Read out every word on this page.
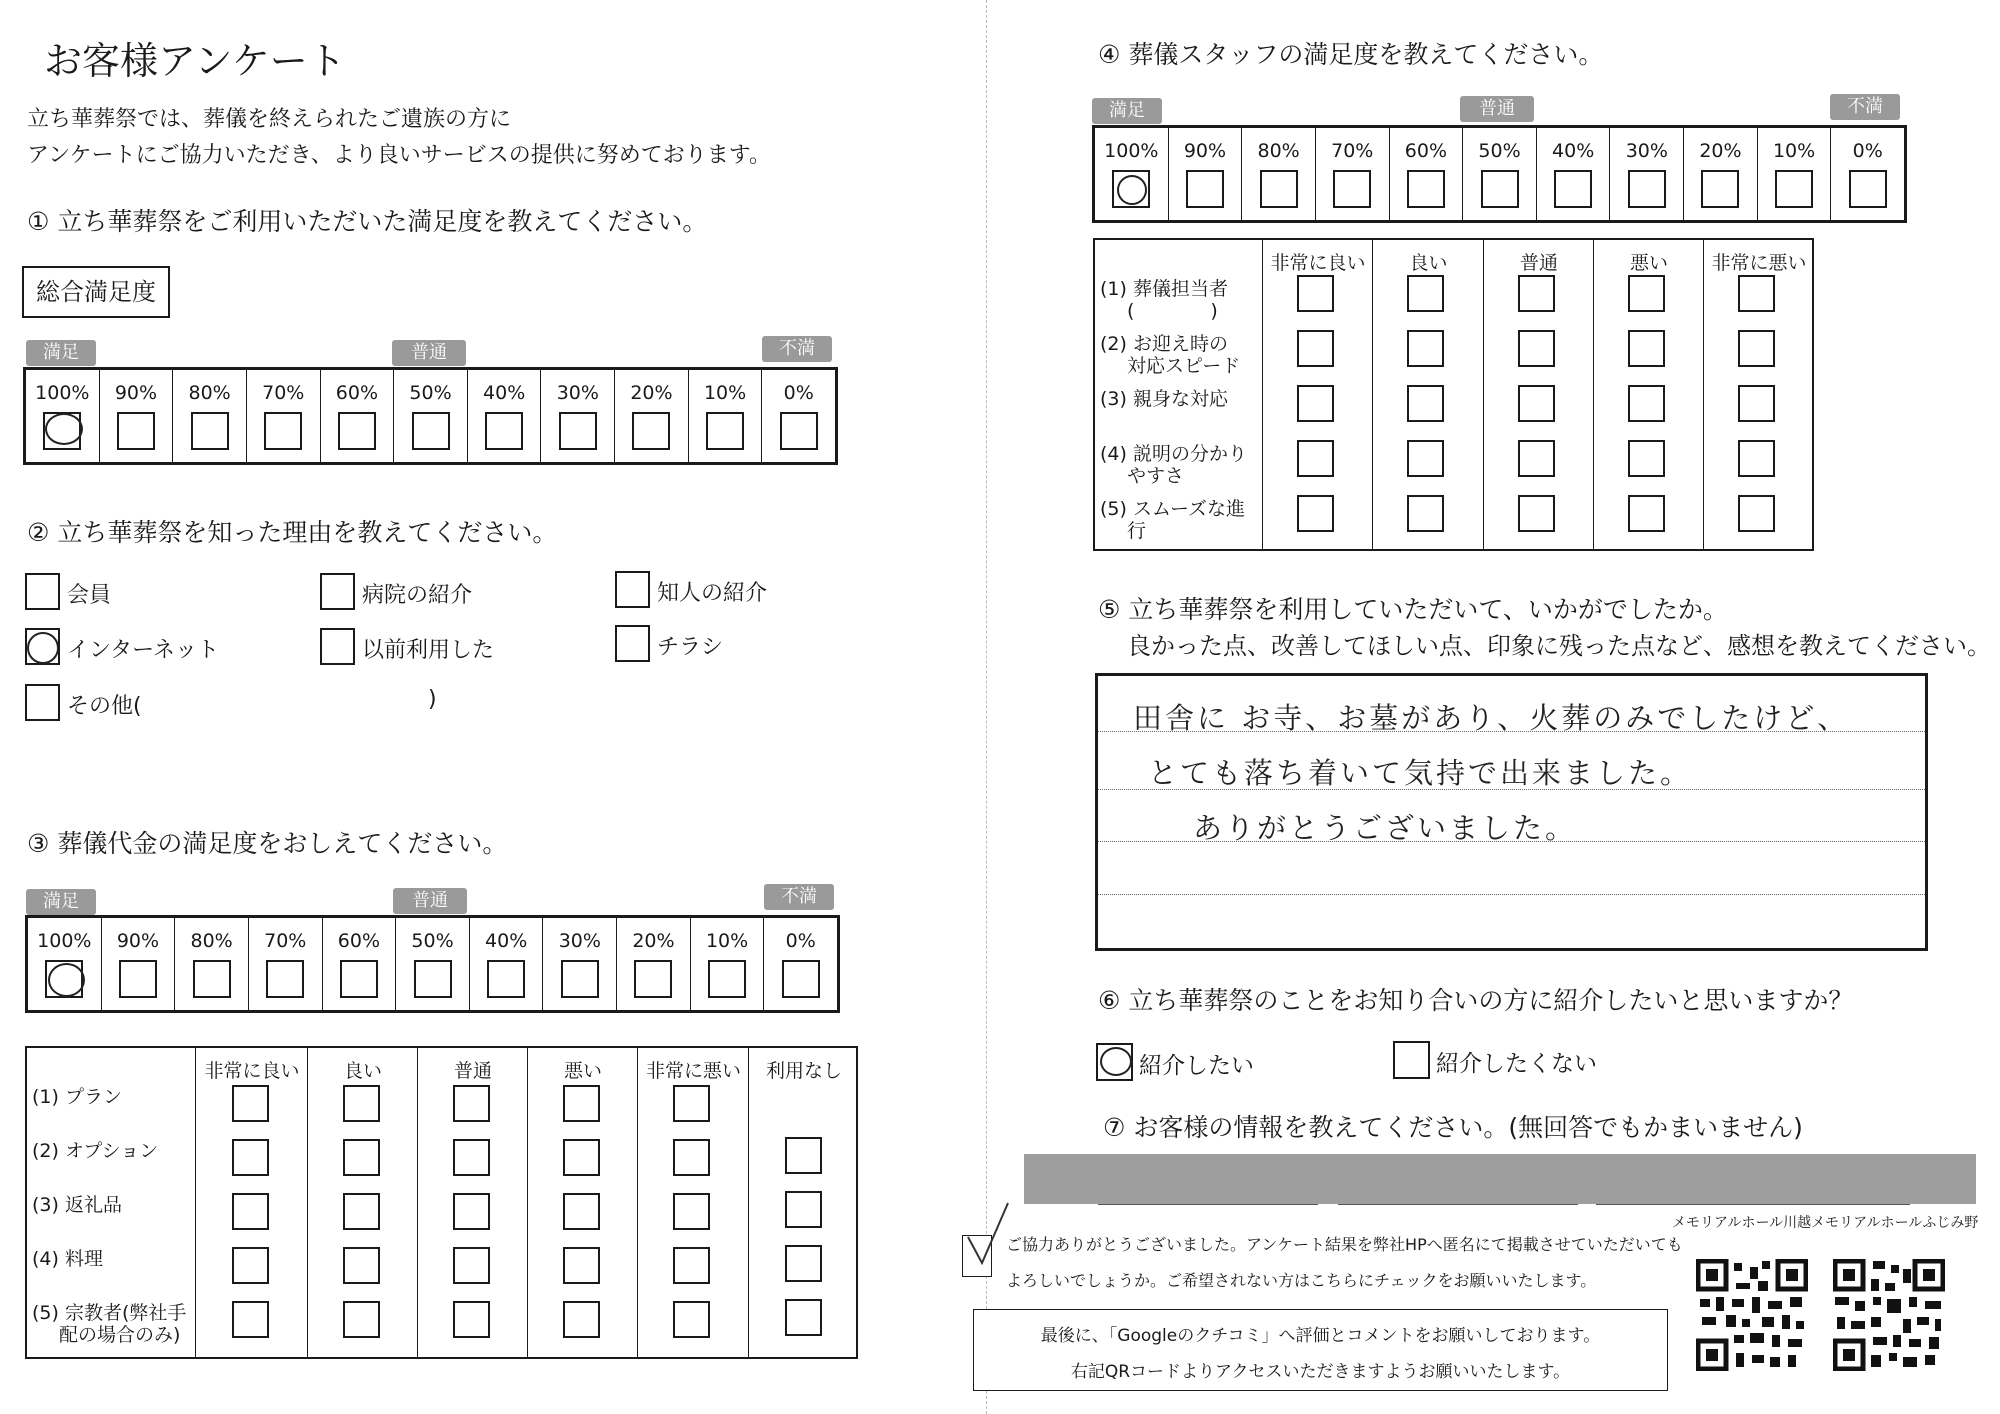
お客様アンケート
立ち華葬祭では、葬儀を終えられたご遺族の方に
アンケートにご協力いただき、より良いサービスの提供に努めております。
① 立ち華葬祭をご利用いただいた満足度を教えてください。
総合満足度
満足	普通	不満
100%	90%	80%	70%	60%	50%	40%	30%	20%	10%	0%
② 立ち華葬祭を知った理由を教えてください。
会員	病院の紹介	知人の紹介
インターネット	以前利用した	チラシ
その他(	)
③ 葬儀代金の満足度をおしえてください。
満足	普通	不満
100%	90%	80%	70%	60%	50%	40%	30%	20%	10%	0%
非常に良い	良い	普通	悪い	非常に悪い	利用なし
(1) プラン
(2) オプション
(3) 返礼品
(4) 料理
(5) 宗教者(弊社手
配の場合のみ)
④ 葬儀スタッフの満足度を教えてください。
満足	普通	不満
100%	90%	80%	70%	60%	50%	40%	30%	20%	10%	0%
非常に良い	良い	普通	悪い	非常に悪い
(1) 葬儀担当者
(　　　　)
(2) お迎え時の
対応スピード
(3) 親身な対応
(4) 説明の分かり
やすさ
(5) スムーズな進
行
⑤ 立ち華葬祭を利用していただいて、いかがでしたか。
良かった点、改善してほしい点、印象に残った点など、感想を教えてください。
田舎に お寺、お墓があり、火葬のみでしたけど、
とても落ち着いて気持で出来ました。
ありがとうございました。
⑥ 立ち華葬祭のことをお知り合いの方に紹介したいと思いますか？
紹介したい	紹介したくない
⑦ お客様の情報を教えてください。(無回答でもかまいません)
ご協力ありがとうございました。アンケート結果を弊社HPへ匿名にて掲載させていただいても
よろしいでしょうか。ご希望されない方はこちらにチェックをお願いいたします。
メモリアルホール川越メモリアルホールふじみ野
最後に、「Googleのクチコミ」へ評価とコメントをお願いしております。
右記QRコードよりアクセスいただきますようお願いいたします。
